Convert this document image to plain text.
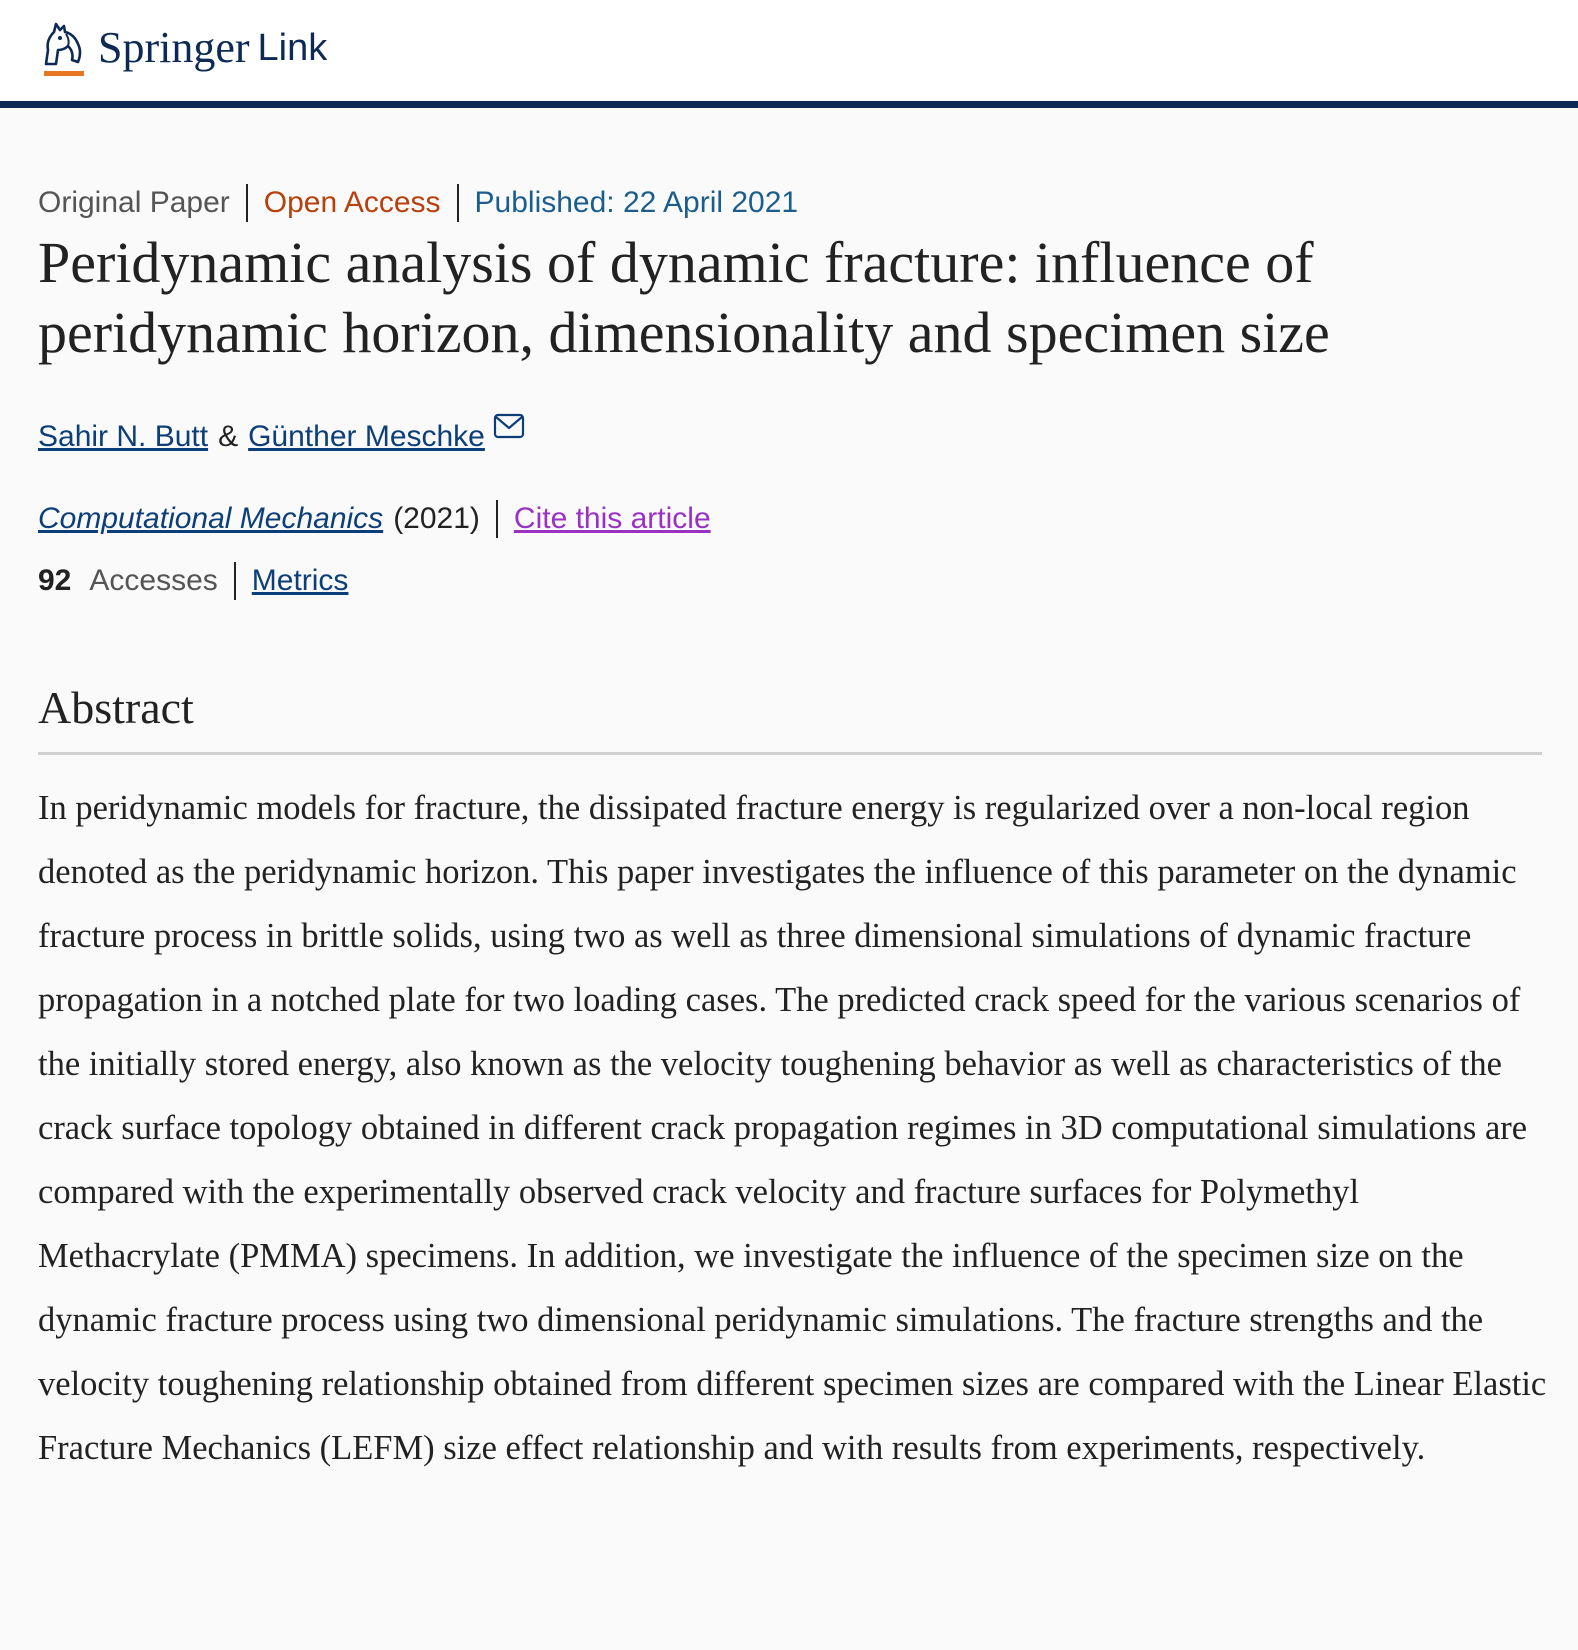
Springer Link
Original Paper Open Access Published: 22 April 2021
Peridynamic analysis of dynamic fracture: influence of peridynamic horizon, dimensionality and specimen size
Sahir N. Butt & Günther Meschke
Computational Mechanics (2021) Cite this article
92 Accesses Metrics
Abstract

In peridynamic models for fracture, the dissipated fracture energy is regularized over a non-local region denoted as the peridynamic horizon. This paper investigates the influence of this parameter on the dynamic fracture process in brittle solids, using two as well as three dimensional simulations of dynamic fracture propagation in a notched plate for two loading cases. The predicted crack speed for the various scenarios of the initially stored energy, also known as the velocity toughening behavior as well as characteristics of the crack surface topology obtained in different crack propagation regimes in 3D computational simulations are compared with the experimentally observed crack velocity and fracture surfaces for Polymethyl Methacrylate (PMMA) specimens. In addition, we investigate the influence of the specimen size on the dynamic fracture process using two dimensional peridynamic simulations. The fracture strengths and the velocity toughening relationship obtained from different specimen sizes are compared with the Linear Elastic Fracture Mechanics (LEFM) size effect relationship and with results from experiments, respectively.
